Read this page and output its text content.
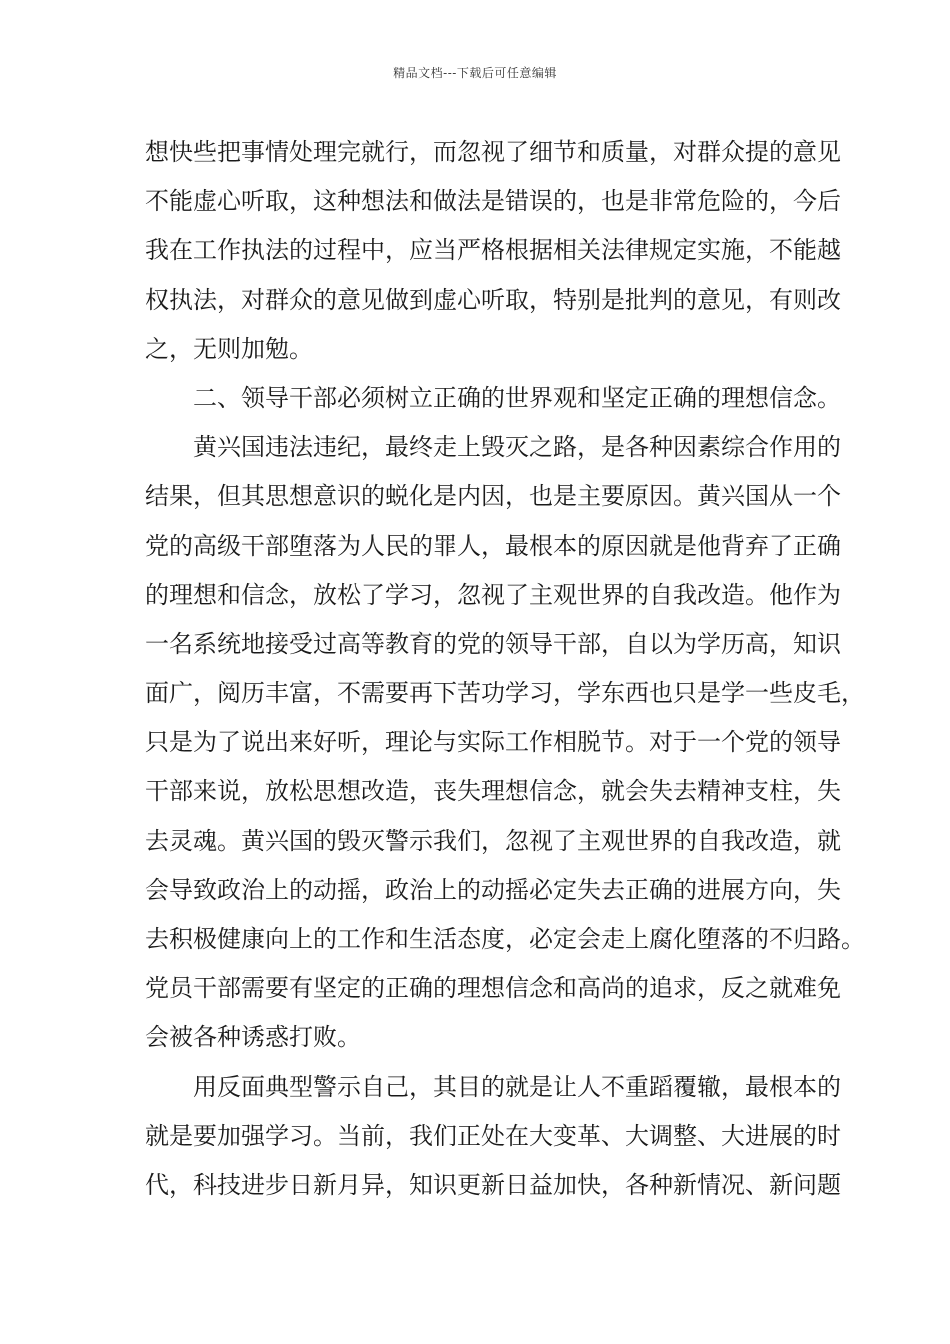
精品文档---下载后可任意编辑
想快些把事情处理完就行，而忽视了细节和质量，对群众提的意见
不能虚心听取，这种想法和做法是错误的，也是非常危险的，今后
我在工作执法的过程中，应当严格根据相关法律规定实施，不能越
权执法，对群众的意见做到虚心听取，特别是批判的意见，有则改
之，无则加勉。
二、领导干部必须树立正确的世界观和坚定正确的理想信念。
黄兴国违法违纪，最终走上毁灭之路，是各种因素综合作用的
结果，但其思想意识的蜕化是内因，也是主要原因。黄兴国从一个
党的高级干部堕落为人民的罪人，最根本的原因就是他背弃了正确
的理想和信念，放松了学习，忽视了主观世界的自我改造。他作为
一名系统地接受过高等教育的党的领导干部，自以为学历高，知识
面广，阅历丰富，不需要再下苦功学习，学东西也只是学一些皮毛，
只是为了说出来好听，理论与实际工作相脱节。对于一个党的领导
干部来说，放松思想改造，丧失理想信念，就会失去精神支柱，失
去灵魂。黄兴国的毁灭警示我们，忽视了主观世界的自我改造，就
会导致政治上的动摇，政治上的动摇必定失去正确的进展方向，失
去积极健康向上的工作和生活态度，必定会走上腐化堕落的不归路。
党员干部需要有坚定的正确的理想信念和高尚的追求，反之就难免
会被各种诱惑打败。
用反面典型警示自己，其目的就是让人不重蹈覆辙，最根本的
就是要加强学习。当前，我们正处在大变革、大调整、大进展的时
代，科技进步日新月异，知识更新日益加快，各种新情况、新问题
